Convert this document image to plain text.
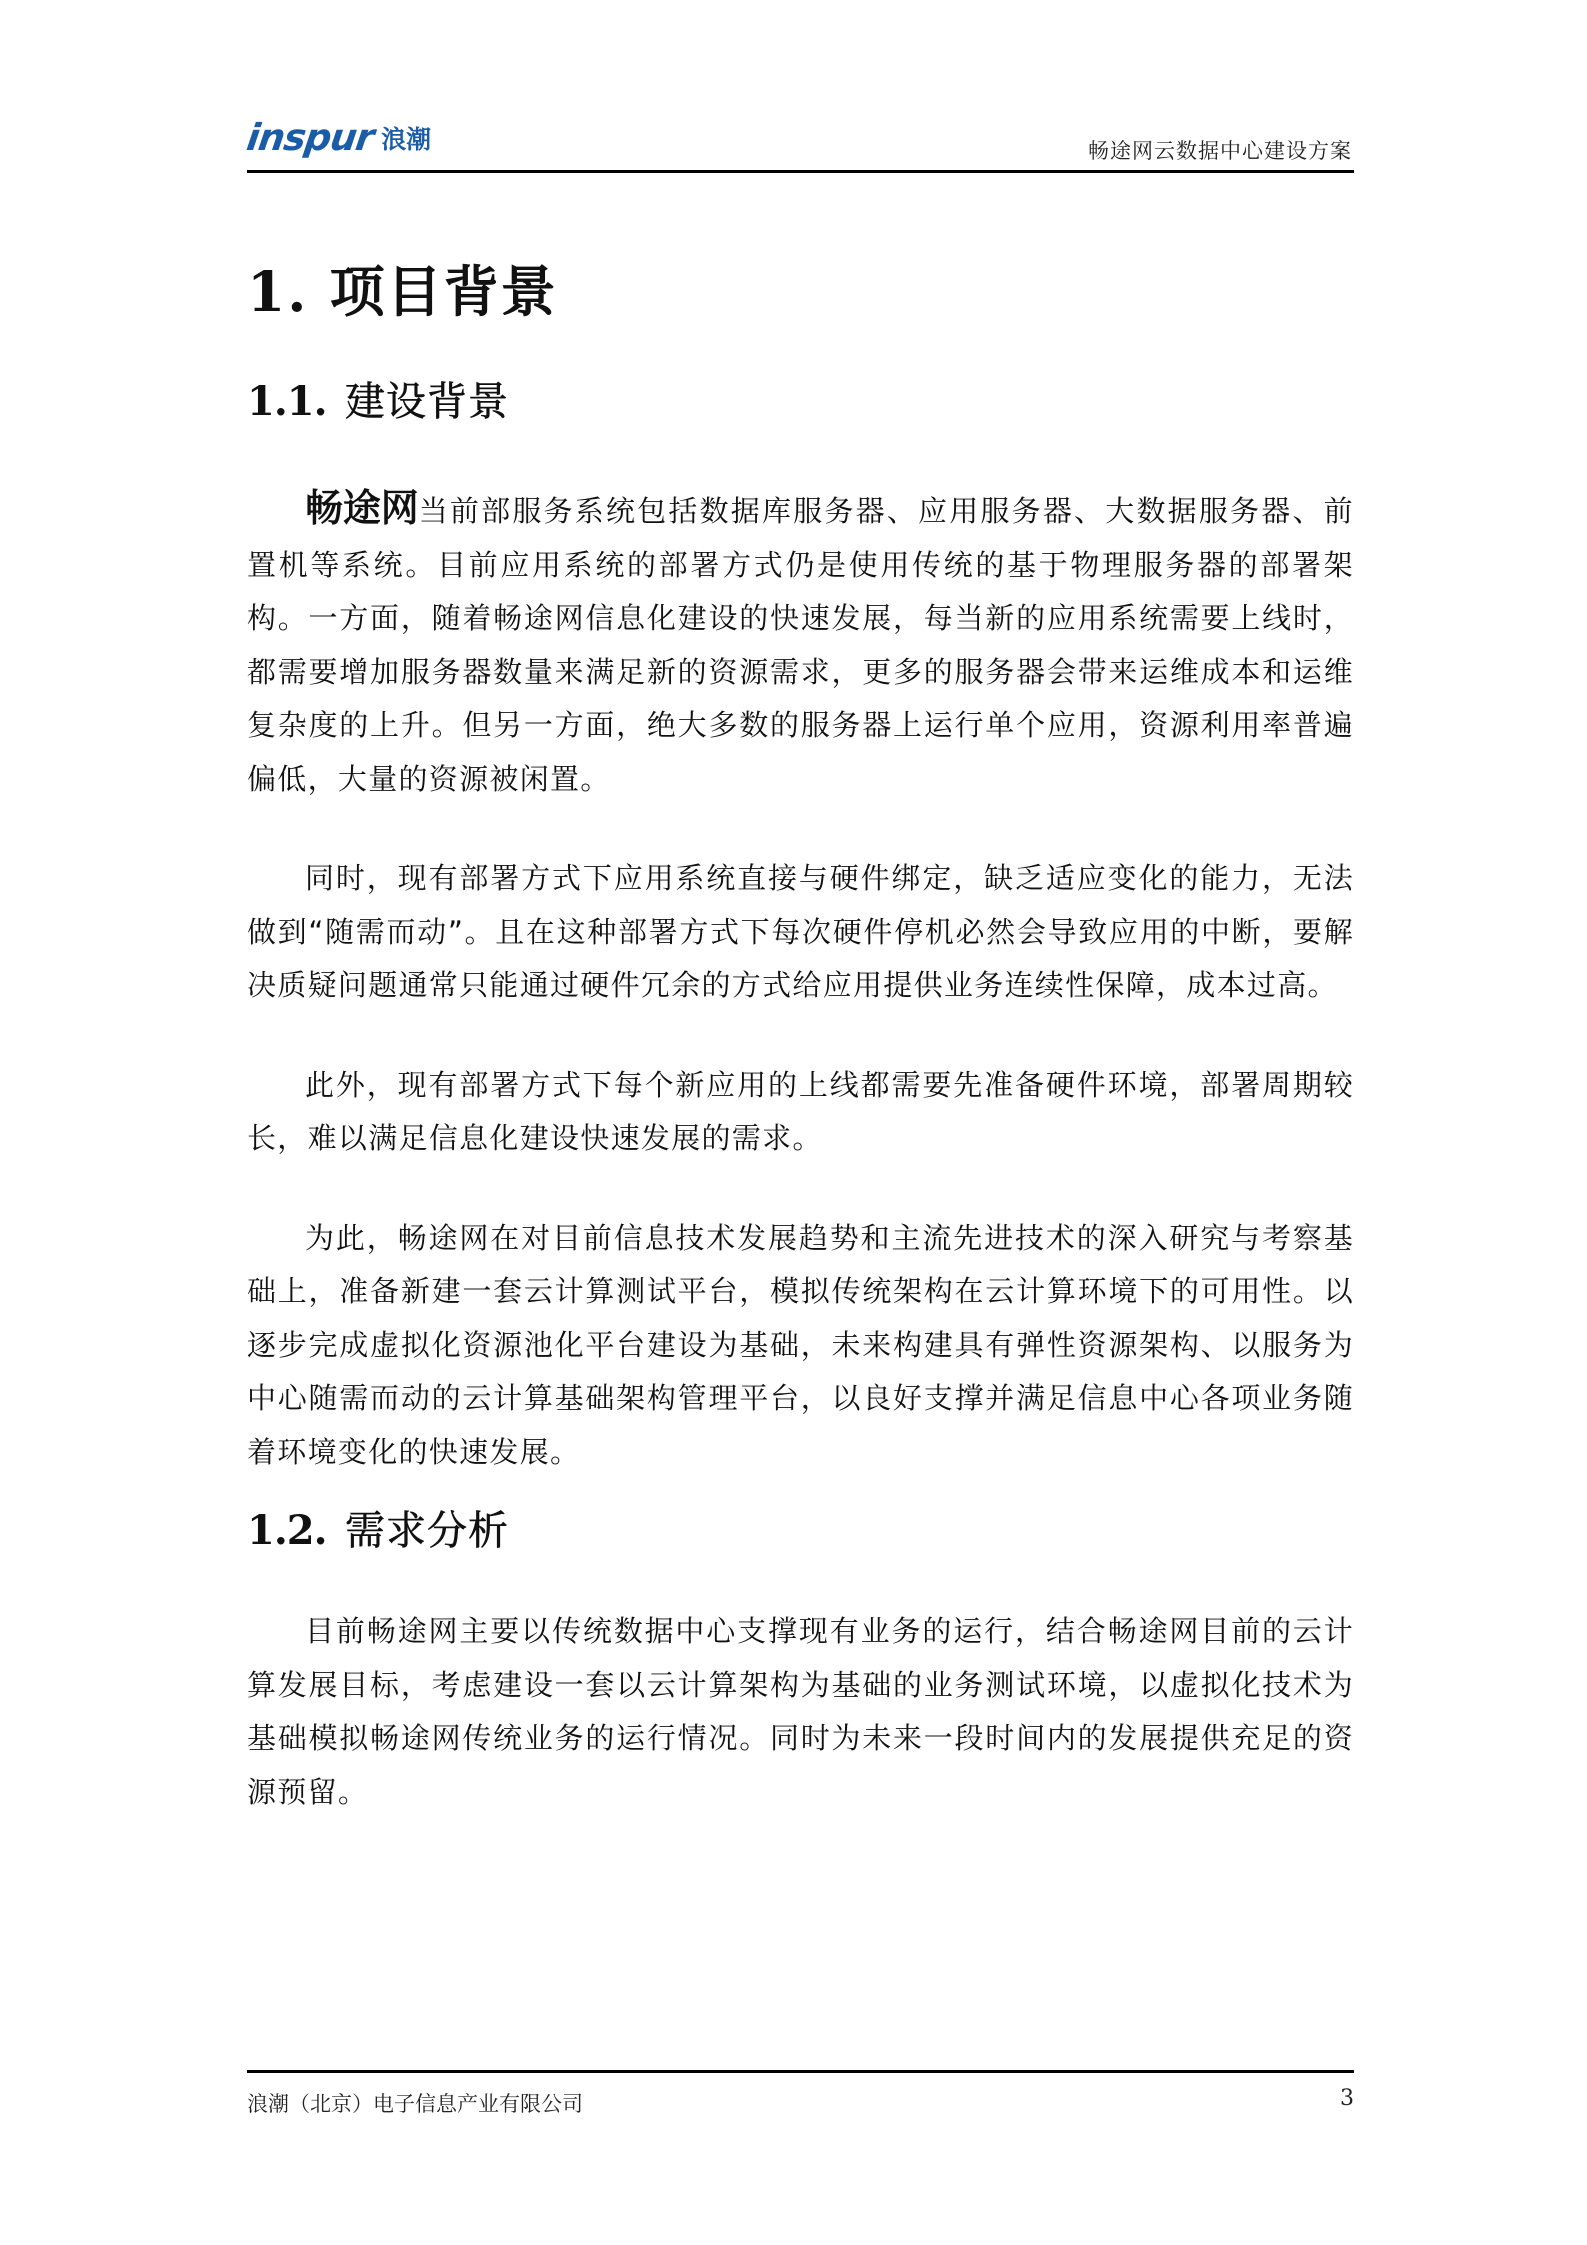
inspur 浪潮	畅途网云数据中心建设方案
1. 项目背景
1.1. 建设背景

畅途网当前部服务系统包括数据库服务器、应用服务器、大数据服务器、前置机等系统。目前应用系统的部署方式仍是使用传统的基于物理服务器的部署架构。一方面，随着畅途网信息化建设的快速发展，每当新的应用系统需要上线时，都需要增加服务器数量来满足新的资源需求，更多的服务器会带来运维成本和运维复杂度的上升。但另一方面，绝大多数的服务器上运行单个应用，资源利用率普遍偏低，大量的资源被闲置。

同时，现有部署方式下应用系统直接与硬件绑定，缺乏适应变化的能力，无法做到“随需而动”。且在这种部署方式下每次硬件停机必然会导致应用的中断，要解决质疑问题通常只能通过硬件冗余的方式给应用提供业务连续性保障，成本过高。

此外，现有部署方式下每个新应用的上线都需要先准备硬件环境，部署周期较长，难以满足信息化建设快速发展的需求。

为此，畅途网在对目前信息技术发展趋势和主流先进技术的深入研究与考察基础上，准备新建一套云计算测试平台，模拟传统架构在云计算环境下的可用性。以逐步完成虚拟化资源池化平台建设为基础，未来构建具有弹性资源架构、以服务为中心随需而动的云计算基础架构管理平台，以良好支撑并满足信息中心各项业务随着环境变化的快速发展。

1.2. 需求分析

目前畅途网主要以传统数据中心支撑现有业务的运行，结合畅途网目前的云计算发展目标，考虑建设一套以云计算架构为基础的业务测试环境，以虚拟化技术为基础模拟畅途网传统业务的运行情况。同时为未来一段时间内的发展提供充足的资源预留。

浪潮（北京）电子信息产业有限公司	3
